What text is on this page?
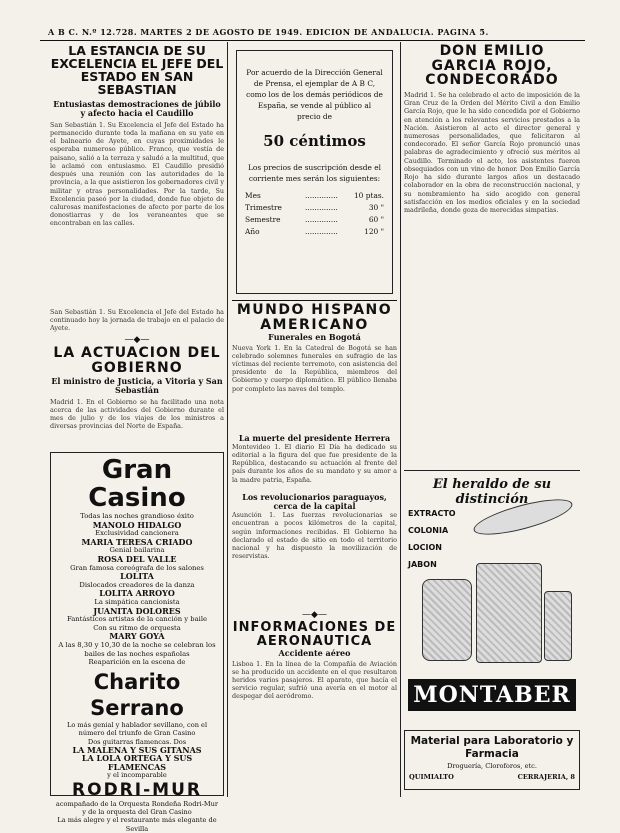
A B C. N.º 12.728. MARTES 2 DE AGOSTO DE 1949. EDICION DE ANDALUCIA. PAGINA 5.
LA ESTANCIA DE SU EXCELENCIA EL JEFE DEL ESTADO EN SAN SEBASTIAN
Entusiastas demostraciones de júbilo y afecto hacia el Caudillo
San Sebastián 1. Su Excelencia el Jefe del Estado ha permanecido durante toda la mañana en su yate en el balneario de Ayete, en cuyas proximidades le esperaba numeroso público. Franco, que vestía de paisano, salió a la terraza y saludó a la multitud, que le aclamó con entusiasmo. El Caudillo presidió después una reunión con las autoridades de la provincia, a la que asistieron los gobernadores civil y militar y otras personalidades. Por la tarde, Su Excelencia paseó por la ciudad, donde fue objeto de calurosas manifestaciones de afecto por parte de los donostiarras y de los veraneantes que se encontraban en las calles.
San Sebastián 1. Su Excelencia el Jefe del Estado ha continuado hoy la jornada de trabajo en el palacio de Ayete.
—◆—
LA ACTUACION DEL GOBIERNO
El ministro de Justicia, a Vitoria y San Sebastián
Madrid 1. En el Gobierno se ha facilitado una nota acerca de las actividades del Gobierno durante el mes de julio y de los viajes de los ministros a diversas provincias del Norte de España.
Gran Casino
Todas las noches grandioso éxito
MANOLO HIDALGO
Exclusividad cancionera
MARIA TERESA CRIADO
Genial bailarina
ROSA DEL VALLE
Gran famosa coreógrafa de los salones
LOLITA
Dislocados creadores de la danza
LOLITA ARROYO
La simpática cancionista
JUANITA DOLORES
Fantásticos artistas de la canción y baile
Con su ritmo de orquesta
MARY GOYA
A las 8,30 y 10,30 de la noche se celebran los bailes de las noches españolas
Reaparición en la escena de
Charito Serrano
Lo más genial y hablador sevillano, con el número del triunfo de Gran Casino
Dos guitarras flamencas. Dos
LA MALENA Y SUS GITANAS
LA LOLA ORTEGA Y SUS FLAMENCAS
y el incomparable
RODRI-MUR
acompañado de la Orquesta Rondeña Rodri-Mur y de la orquesta del Gran Casino
La más alegre y el restaurante más elegante de Sevilla
Por acuerdo de la Dirección General de Prensa, el ejemplar de A B C, como los de los demás periódicos de España, se vende al público al precio de
50 céntimos
Los precios de suscripción desde el corriente mes serán los siguientes:
Mes	..............	10 ptas.
Trimestre	..............	30 "
Semestre	..............	60 "
Año	..............	120 "
MUNDO HISPANO AMERICANO
Funerales en Bogotá
Nueva York 1. En la Catedral de Bogotá se han celebrado solemnes funerales en sufragio de las víctimas del reciente terremoto, con asistencia del presidente de la República, miembros del Gobierno y cuerpo diplomático. El público llenaba por completo las naves del templo.
La muerte del presidente Herrera
Montevideo 1. El diario El Día ha dedicado su editorial a la figura del que fue presidente de la República, destacando su actuación al frente del país durante los años de su mandato y su amor a la madre patria, España.
Los revolucionarios paraguayos, cerca de la capital
Asunción 1. Las fuerzas revolucionarias se encuentran a pocos kilómetros de la capital, según informaciones recibidas. El Gobierno ha declarado el estado de sitio en todo el territorio nacional y ha dispuesto la movilización de reservistas.
—◆—
INFORMACIONES DE AERONAUTICA
Accidente aéreo
Lisboa 1. En la línea de la Compañía de Aviación se ha producido un accidente en el que resultaron heridos varios pasajeros. El aparato, que hacía el servicio regular, sufrió una avería en el motor al despegar del aeródromo.
DON EMILIO GARCIA ROJO, CONDECORADO
Madrid 1. Se ha celebrado el acto de imposición de la Gran Cruz de la Orden del Mérito Civil a don Emilio García Rojo, que le ha sido concedida por el Gobierno en atención a los relevantes servicios prestados a la Nación. Asistieron al acto el director general y numerosas personalidades, que felicitaron al condecorado. El señor García Rojo pronunció unas palabras de agradecimiento y ofreció sus méritos al Caudillo. Terminado el acto, los asistentes fueron obsequiados con un vino de honor. Don Emilio García Rojo ha sido durante largos años un destacado colaborador en la obra de reconstrucción nacional, y su nombramiento ha sido acogido con general satisfacción en los medios oficiales y en la sociedad madrileña, donde goza de merecidas simpatías.
El heraldo de su distinción
EXTRACTO
COLONIA
LOCION
JABON
MONTABER
Material para Laboratorio y Farmacia
Droguería, Cloroforos, etc.
QUIMIALTO	CERRAJERIA, 8
